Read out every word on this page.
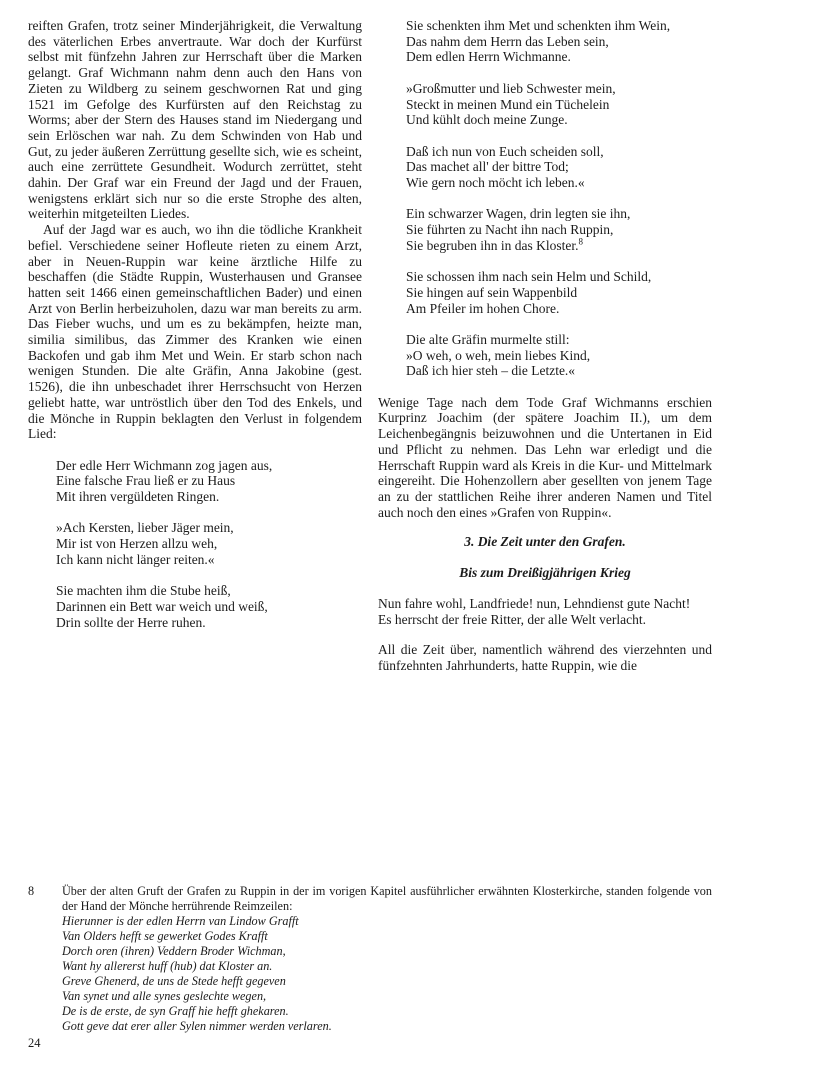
reiften Grafen, trotz seiner Minderjährigkeit, die Verwaltung des väterlichen Erbes anvertraute. War doch der Kurfürst selbst mit fünfzehn Jahren zur Herrschaft über die Marken gelangt. Graf Wichmann nahm denn auch den Hans von Zieten zu Wildberg zu seinem geschwornen Rat und ging 1521 im Gefolge des Kurfürsten auf den Reichstag zu Worms; aber der Stern des Hauses stand im Niedergang und sein Erlöschen war nah. Zu dem Schwinden von Hab und Gut, zu jeder äußeren Zerrüttung gesellte sich, wie es scheint, auch eine zerrüttete Gesundheit. Wodurch zerrüttet, steht dahin. Der Graf war ein Freund der Jagd und der Frauen, wenigstens erklärt sich nur so die erste Strophe des alten, weiterhin mitgeteilten Liedes.

Auf der Jagd war es auch, wo ihn die tödliche Krankheit befiel. Verschiedene seiner Hofleute rieten zu einem Arzt, aber in Neuen-Ruppin war keine ärztliche Hilfe zu beschaffen (die Städte Ruppin, Wusterhausen und Gransee hatten seit 1466 einen gemeinschaftlichen Bader) und einen Arzt von Berlin herbeizuholen, dazu war man bereits zu arm. Das Fieber wuchs, und um es zu bekämpfen, heizte man, similia similibus, das Zimmer des Kranken wie einen Backofen und gab ihm Met und Wein. Er starb schon nach wenigen Stunden. Die alte Gräfin, Anna Jakobine (gest. 1526), die ihn unbeschadet ihrer Herrschsucht von Herzen geliebt hatte, war untröstlich über den Tod des Enkels, und die Mönche in Ruppin beklagten den Verlust in folgendem Lied:

Der edle Herr Wichmann zog jagen aus,
Eine falsche Frau ließ er zu Haus
Mit ihren vergüldeten Ringen.
»Ach Kersten, lieber Jäger mein,
Mir ist von Herzen allzu weh,
Ich kann nicht länger reiten.«
Sie machten ihm die Stube heiß,
Darinnen ein Bett war weich und weiß,
Drin sollte der Herre ruhen.
Sie schenkten ihm Met und schenkten ihm Wein,
Das nahm dem Herrn das Leben sein,
Dem edlen Herrn Wichmanne.
»Großmutter und lieb Schwester mein,
Steckt in meinen Mund ein Tüchelein
Und kühlt doch meine Zunge.
Daß ich nun von Euch scheiden soll,
Das machet all' der bittre Tod;
Wie gern noch möcht ich leben.«
Ein schwarzer Wagen, drin legten sie ihn,
Sie führten zu Nacht ihn nach Ruppin,
Sie begruben ihn in das Kloster.$^8$
Sie schossen ihm nach sein Helm und Schild,
Sie hingen auf sein Wappenbild
Am Pfeiler im hohen Chore.
Die alte Gräfin murmelte still:
»O weh, o weh, mein liebes Kind,
Daß ich hier steh – die Letzte.«

Wenige Tage nach dem Tode Graf Wichmanns erschien Kurprinz Joachim (der spätere Joachim II.), um dem Leichenbegängnis beizuwohnen und die Untertanen in Eid und Pflicht zu nehmen. Das Lehn war erledigt und die Herrschaft Ruppin ward als Kreis in die Kur- und Mittelmark eingereiht. Die Hohenzollern aber gesellten von jenem Tage an zu der stattlichen Reihe ihrer anderen Namen und Titel auch noch den eines »Grafen von Ruppin«.

3. Die Zeit unter den Grafen.
Bis zum Dreißigjährigen Krieg
Nun fahre wohl, Landfriede! nun, Lehndienst gute Nacht!
Es herrscht der freie Ritter, der alle Welt verlacht.

All die Zeit über, namentlich während des vierzehnten und fünfzehnten Jahrhunderts, hatte Ruppin, wie die

8	Über der alten Gruft der Grafen zu Ruppin in der im vorigen Kapitel ausführlicher erwähnten Klosterkirche, standen folgende von der Hand der Mönche herrührende Reimzeilen:
Hierunner is der edlen Herrn van Lindow Grafft
Van Olders hefft se gewerket Godes Krafft
Dorch oren (ihren) Veddern Broder Wichman,
Want hy allererst huff (hub) dat Kloster an.
Greve Ghenerd, de uns de Stede hefft gegeven
Van synet und alle synes geslechte wegen,
De is de erste, de syn Graff hie hefft ghekaren.
Gott geve dat erer aller Sylen nimmer werden verlaren.
24
